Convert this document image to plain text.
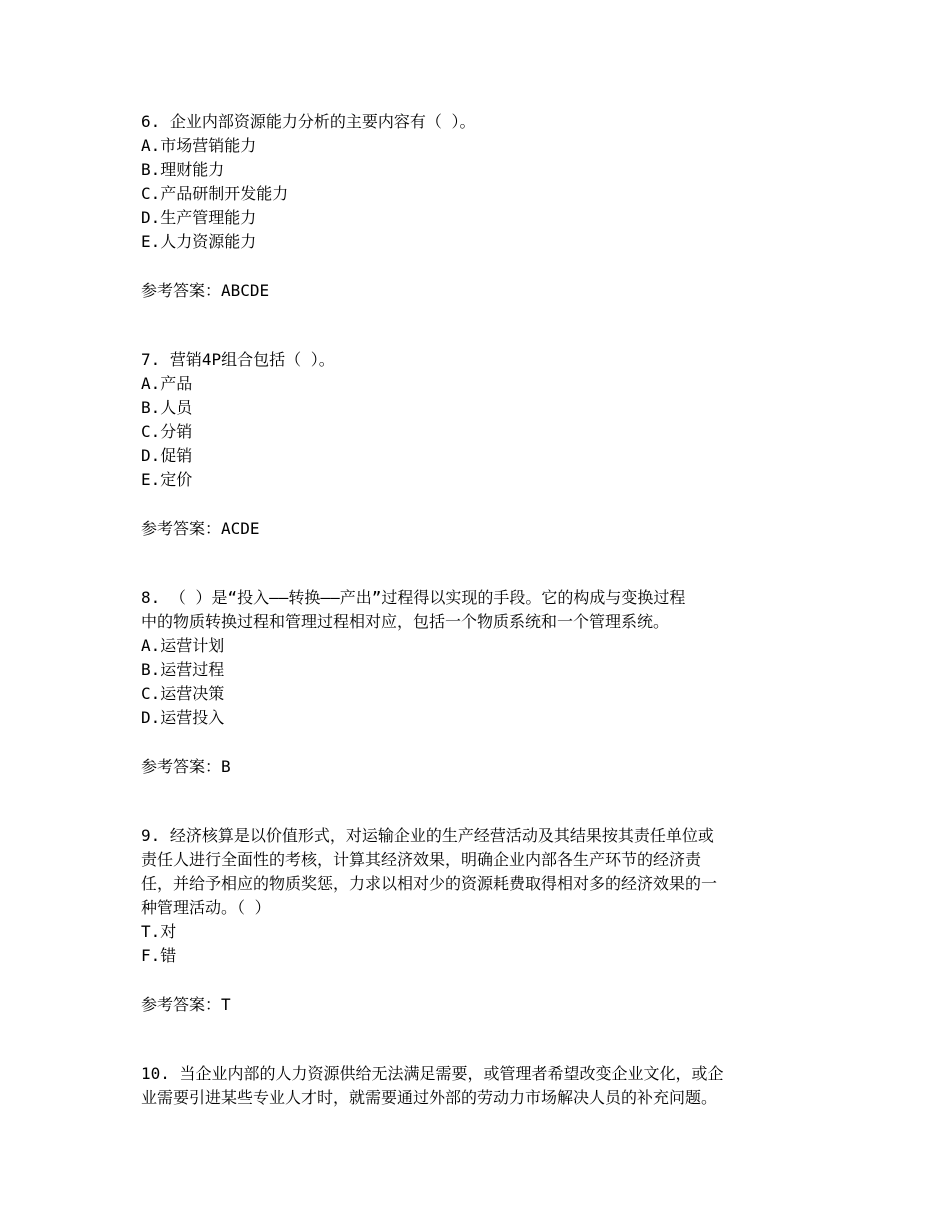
6. 企业内部资源能力分析的主要内容有（ ）。
A.市场营销能力
B.理财能力
C.产品研制开发能力
D.生产管理能力
E.人力资源能力
参考答案：ABCDE
7. 营销4P组合包括（ ）。
A.产品
B.人员
C.分销
D.促销
E.定价
参考答案：ACDE
8. （ ）是“投入——转换——产出”过程得以实现的手段。它的构成与变换过程
中的物质转换过程和管理过程相对应，包括一个物质系统和一个管理系统。
A.运营计划
B.运营过程
C.运营决策
D.运营投入
参考答案：B
9. 经济核算是以价值形式，对运输企业的生产经营活动及其结果按其责任单位或
责任人进行全面性的考核，计算其经济效果，明确企业内部各生产环节的经济责
任，并给予相应的物质奖惩，力求以相对少的资源耗费取得相对多的经济效果的一
种管理活动。（ ）
T.对
F.错
参考答案：T
10. 当企业内部的人力资源供给无法满足需要，或管理者希望改变企业文化，或企
业需要引进某些专业人才时，就需要通过外部的劳动力市场解决人员的补充问题。
